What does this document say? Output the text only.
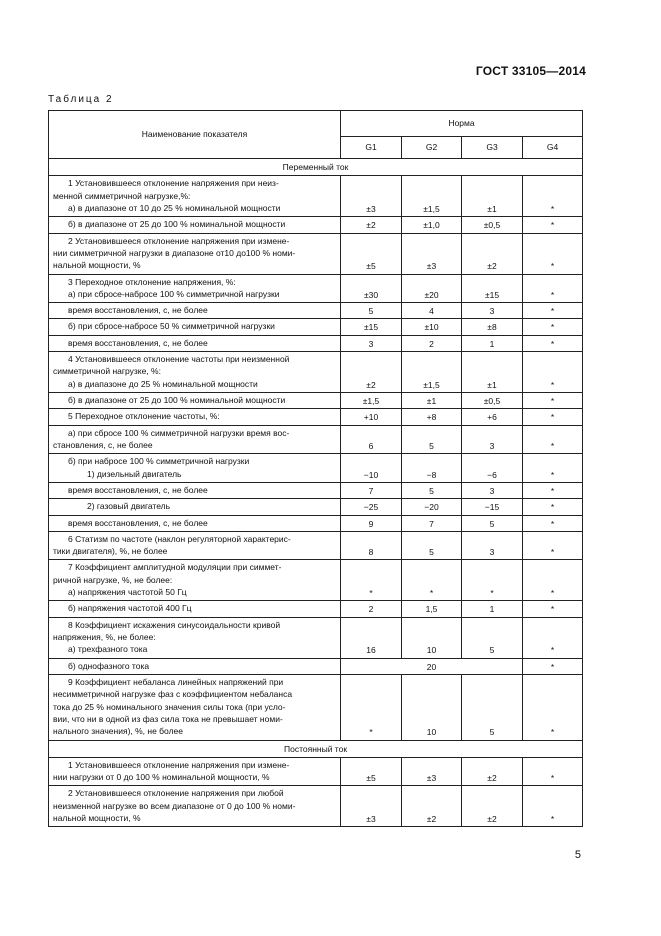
ГОСТ 33105—2014
Таблица 2
Наименование показателя	Норма			
	G1	G2	G3	G4
Переменный ток				

1 Установившееся отклонение напряжения при неиз-
менной симметричной нагрузке,%:
а) в диапазоне от 10 до 25 % номинальной мощности	±3	±1,5	±1	*

б) в диапазоне от 25 до 100 % номинальной мощности	±2	±1,0	±0,5	*

2 Установившееся отклонение напряжения при измене-
нии симметричной нагрузки в диапазоне от10 до100 % номи-
нальной мощности, %	±5	±3	±2	*

3 Переходное отклонение напряжения, %:
а) при сбросе-набросе 100 % симметричной нагрузки	±30	±20	±15	*

время восстановления, с, не более	5	4	3	*

б) при сбросе-набросе 50 % симметричной нагрузки	±15	±10	±8	*

время восстановления, с, не более	3	2	1	*

4 Установившееся отклонение частоты при неизменной
симметричной нагрузке, %:
а) в диапазоне до 25 % номинальной мощности	±2	±1,5	±1	*

б) в диапазоне от 25 до 100 % номинальной мощности	±1,5	±1	±0,5	*

5 Переходное отклонение частоты, %:	+10	+8	+6	*

а) при сбросе 100 % симметричной нагрузки время вос-
становления, с, не более	6	5	3	*

б) при набросе 100 % симметричной нагрузки
1) дизельный двигатель	−10	−8	−6	*

время восстановления, с, не более	7	5	3	*

2) газовый двигатель	−25	−20	−15	*

время восстановления, с, не более	9	7	5	*

6 Статизм по частоте (наклон регуляторной характерис-
тики двигателя), %, не более	8	5	3	*

7 Коэффициент амплитудной модуляции при симмет-
ричной нагрузке, %, не более:
а) напряжения частотой 50 Гц	*	*	*	*

б) напряжения частотой 400 Гц	2	1,5	1	*

8 Коэффициент искажения синусоидальности кривой
напряжения, %, не более:
а) трехфазного тока	16	10	5	*

б) однофазного тока	20			*

9 Коэффициент небаланса линейных напряжений при
несимметричной нагрузке фаз с коэффициентом небаланса
тока до 25 % номинального значения силы тока (при усло-
вии, что ни в одной из фаз сила тока не превышает номи-
нального значения), %, не более	*	10	5	*
Постоянный ток				

1 Установившееся отклонение напряжения при измене-
нии нагрузки от 0 до 100 % номинальной мощности, %	±5	±3	±2	*

2 Установившееся отклонение напряжения при любой
неизменной нагрузке во всем диапазоне от 0 до 100 % номи-
нальной мощности, %	±3	±2	±2	*
5
